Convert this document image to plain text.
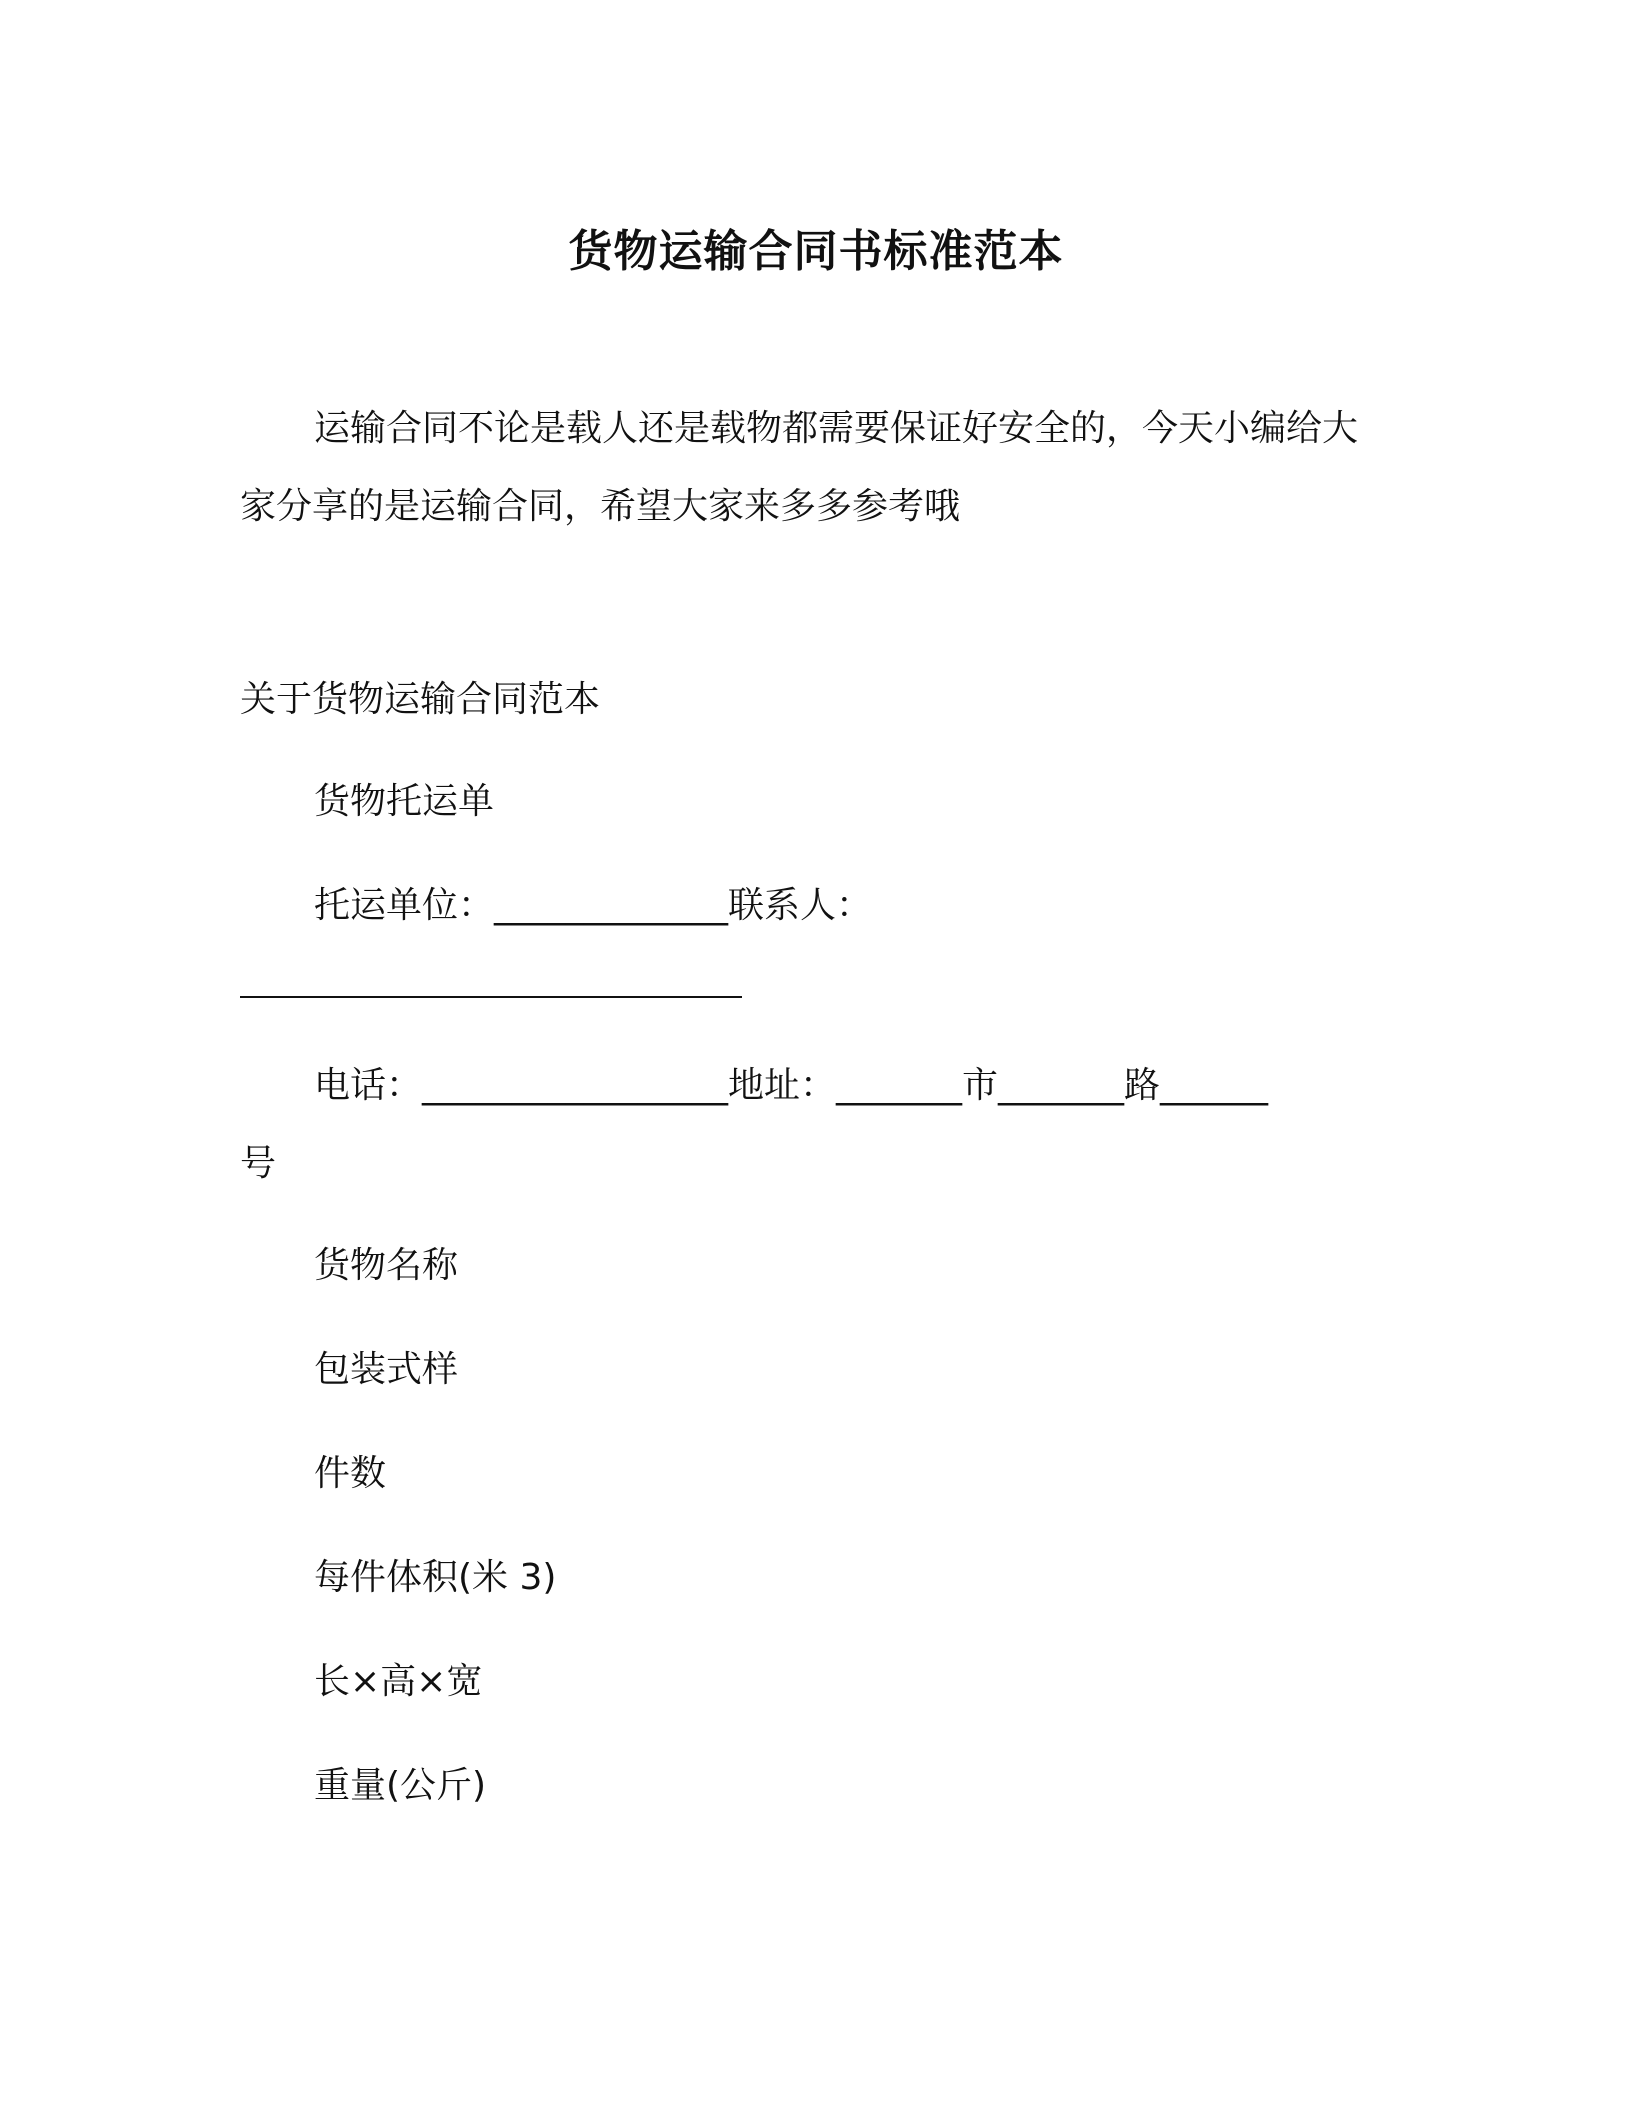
货物运输合同书标准范本
运输合同不论是载人还是载物都需要保证好安全的，今天小编给大家分享的是运输合同，希望大家来多多参考哦
关于货物运输合同范本
货物托运单
托运单位：_____________联系人：
电话：_________________地址：_______市_______路______
号
货物名称
包装式样
件数
每件体积(米 3)
长×高×宽
重量(公斤)
